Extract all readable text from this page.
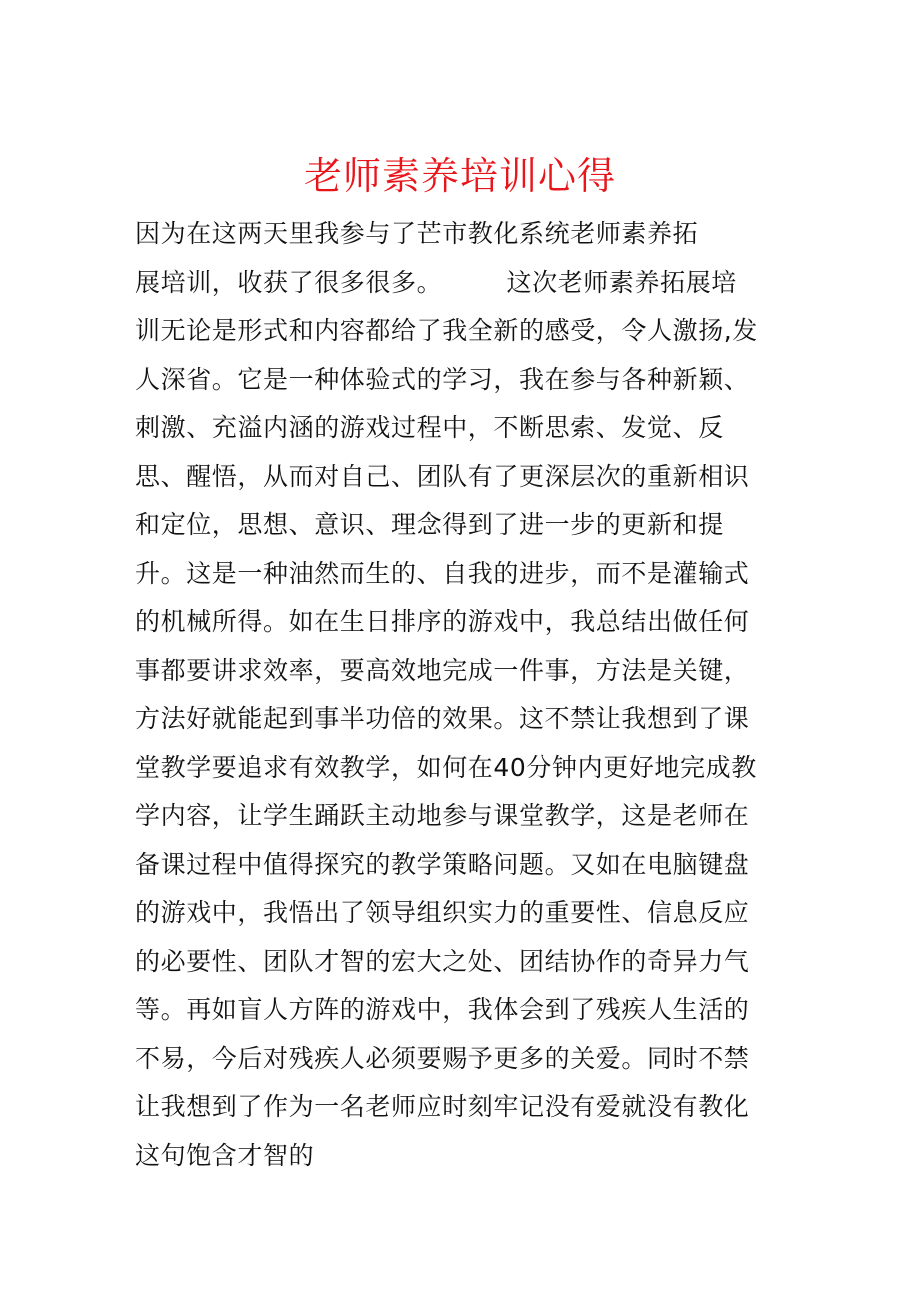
老师素养培训心得
因为在这两天里我参与了芒市教化系统老师素养拓
展培训，收获了很多很多。　　　这次老师素养拓展培
训无论是形式和内容都给了我全新的感受，令人激扬,发
人深省。它是一种体验式的学习，我在参与各种新颖、
刺激、充溢内涵的游戏过程中，不断思索、发觉、反
思、醒悟，从而对自己、团队有了更深层次的重新相识
和定位，思想、意识、理念得到了进一步的更新和提
升。这是一种油然而生的、自我的进步，而不是灌输式
的机械所得。如在生日排序的游戏中，我总结出做任何
事都要讲求效率，要高效地完成一件事，方法是关键，
方法好就能起到事半功倍的效果。这不禁让我想到了课
堂教学要追求有效教学，如何在40分钟内更好地完成教
学内容，让学生踊跃主动地参与课堂教学，这是老师在
备课过程中值得探究的教学策略问题。又如在电脑键盘
的游戏中，我悟出了领导组织实力的重要性、信息反应
的必要性、团队才智的宏大之处、团结协作的奇异力气
等。再如盲人方阵的游戏中，我体会到了残疾人生活的
不易，今后对残疾人必须要赐予更多的关爱。同时不禁
让我想到了作为一名老师应时刻牢记没有爱就没有教化
这句饱含才智的
